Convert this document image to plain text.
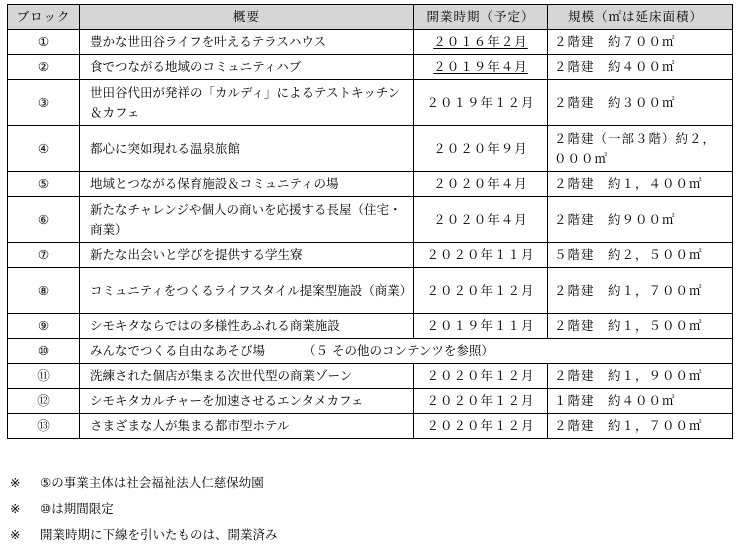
ブロック	概要	開業時期（予定）	規模（㎡は延床面積）
①	豊かな世田谷ライフを叶えるテラスハウス	２０１６年２月	２階建　約７００㎡
②	食でつながる地域のコミュニティハブ	２０１９年４月	２階建　約４００㎡
③	世田谷代田が発祥の「カルディ」によるテストキッチン＆カフェ	２０１９年１２月	２階建　約３００㎡
④	都心に突如現れる温泉旅館	２０２０年９月	２階建（一部３階）約２，０００㎡
⑤	地域とつながる保育施設＆コミュニティの場	２０２０年４月	２階建　約１，４００㎡
⑥	新たなチャレンジや個人の商いを応援する長屋（住宅・商業）	２０２０年４月	２階建　約９００㎡
⑦	新たな出会いと学びを提供する学生寮	２０２０年１１月	５階建　約２，５００㎡
⑧	コミュニティをつくるライフスタイル提案型施設（商業）	２０２０年１２月	２階建　約１，７００㎡
⑨	シモキタならではの多様性あふれる商業施設	２０１９年１１月	２階建　約１，５００㎡
⑩	みんなでつくる自由なあそび場 （５ その他のコンテンツを参照）		
⑪	洗練された個店が集まる次世代型の商業ゾーン	２０２０年１２月	２階建　約１，９００㎡
⑫	シモキタカルチャーを加速させるエンタメカフェ	２０２０年１２月	１階建　約４００㎡
⑬	さまざまな人が集まる都市型ホテル	２０２０年１２月	２階建　約１，７００㎡
※ ⑤の事業主体は社会福祉法人仁慈保幼園
※ ⑩は期間限定
※ 開業時期に下線を引いたものは、開業済み
